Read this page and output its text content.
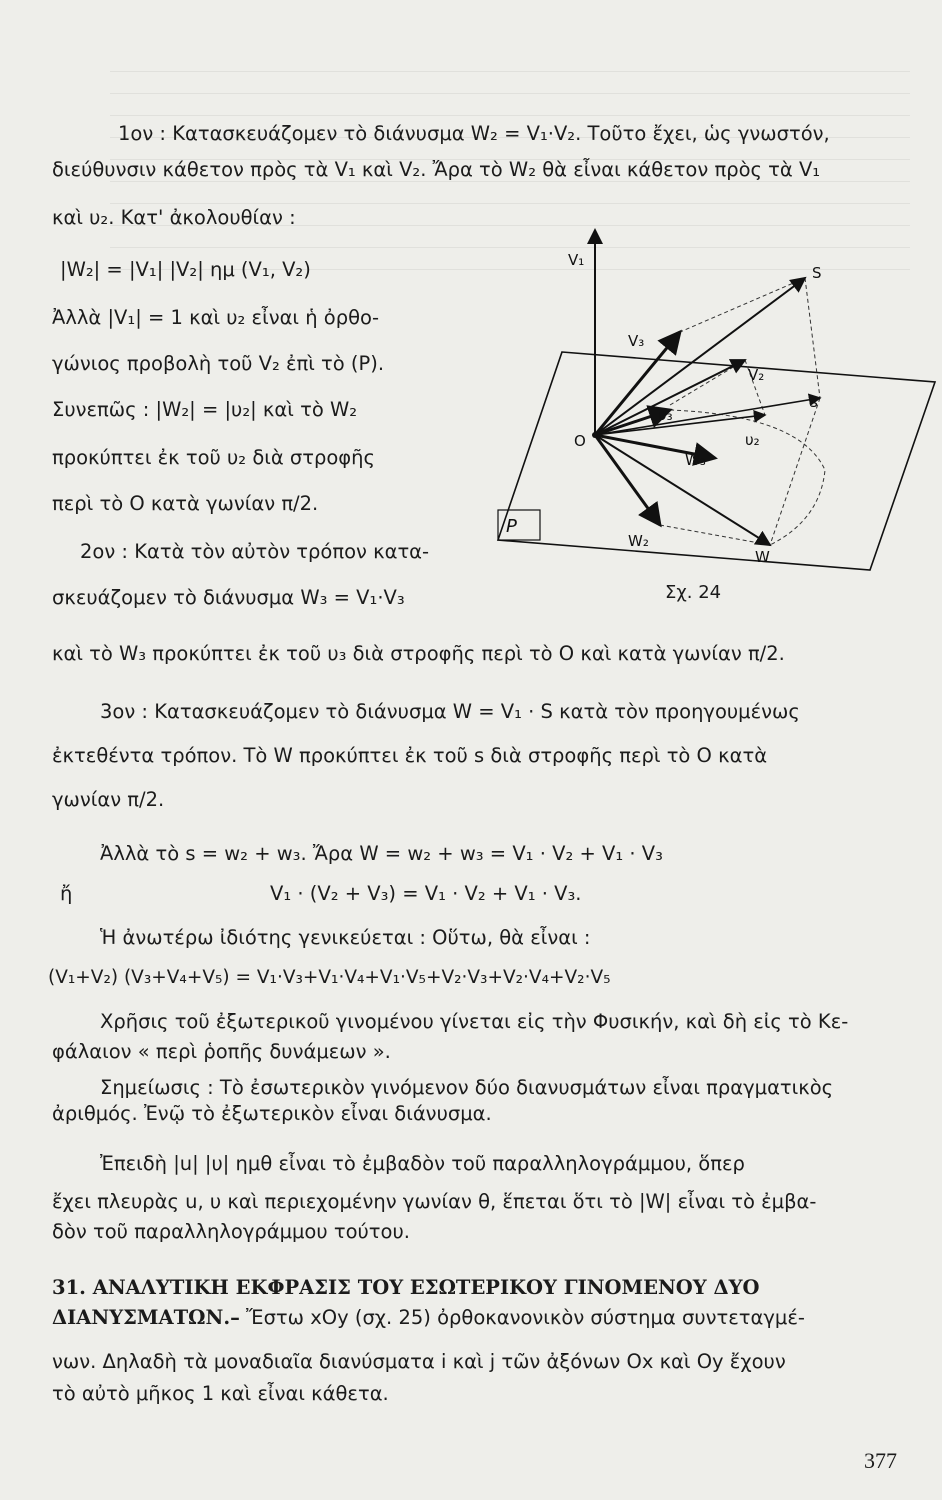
1ον : Κατασκευάζομεν τὸ διάνυσμα W₂ = V₁·V₂. Τοῦτο ἔχει, ὡς γνωστόν,
διεύθυνσιν κάθετον πρὸς τὰ V₁ καὶ V₂. Ἄρα τὸ W₂ θὰ εἶναι κάθετον πρὸς τὰ V₁
καὶ υ₂. Κατ' ἀκολουθίαν :
|W₂| = |V₁| |V₂| ημ (V₁, V₂)
Ἀλλὰ |V₁| = 1 καὶ υ₂ εἶναι ἡ ὀρθο-
γώνιος προβολὴ τοῦ V₂ ἐπὶ τὸ (P).
Συνεπῶς : |W₂| = |υ₂| καὶ τὸ W₂
προκύπτει ἐκ τοῦ υ₂ διὰ στροφῆς
περὶ τὸ O κατὰ γωνίαν π/2.
2ον : Κατὰ τὸν αὐτὸν τρόπον κατα-
σκευάζομεν τὸ διάνυσμα W₃ = V₁·V₃
καὶ τὸ W₃ προκύπτει ἐκ τοῦ υ₃ διὰ στροφῆς περὶ τὸ O καὶ κατὰ γωνίαν π/2.
3ον : Κατασκευάζομεν τὸ διάνυσμα W = V₁ · S κατὰ τὸν προηγουμένως
ἐκτεθέντα τρόπον. Τὸ W προκύπτει ἐκ τοῦ s διὰ στροφῆς περὶ τὸ O κατὰ
γωνίαν π/2.
Ἀλλὰ τὸ s = w₂ + w₃. Ἄρα W = w₂ + w₃ = V₁ · V₂ + V₁ · V₃
ἤ	V₁ · (V₂ + V₃) = V₁ · V₂ + V₁ · V₃.
Ἡ ἀνωτέρω ἰδιότης γενικεύεται : Οὕτω, θὰ εἶναι :
(V₁+V₂) (V₃+V₄+V₅) = V₁·V₃+V₁·V₄+V₁·V₅+V₂·V₃+V₂·V₄+V₂·V₅
Χρῆσις τοῦ ἐξωτερικοῦ γινομένου γίνεται εἰς τὴν Φυσικήν, καὶ δὴ εἰς τὸ Κε-
φάλαιον « περὶ ῥοπῆς δυνάμεων ».
Σημείωσις : Τὸ ἐσωτερικὸν γινόμενον δύο διανυσμάτων εἶναι πραγματικὸς
ἀριθμός. Ἐνῷ τὸ ἐξωτερικὸν εἶναι διάνυσμα.
Ἐπειδὴ |u| |υ| ημθ εἶναι τὸ ἐμβαδὸν τοῦ παραλληλογράμμου, ὅπερ
ἔχει πλευρὰς u, υ καὶ περιεχομένην γωνίαν θ, ἕπεται ὅτι τὸ |W| εἶναι τὸ ἐμβα-
δὸν τοῦ παραλληλογράμμου τούτου.
31. ΑΝΑΛΥΤΙΚΗ ΕΚΦΡΑΣΙΣ ΤΟΥ ΕΣΩΤΕΡΙΚΟΥ ΓΙΝΟΜΕΝΟΥ ΔΥΟ
ΔΙΑΝΥΣΜΑΤΩΝ.– Ἔστω xOy (σχ. 25) ὀρθοκανονικὸν σύστημα συντεταγμέ-
νων. Δηλαδὴ τὰ μοναδιαῖα διανύσματα i καὶ j τῶν ἀξόνων Ox καὶ Oy ἔχουν
τὸ αὐτὸ μῆκος 1 καὶ εἶναι κάθετα.
V₁
S
V₃
V₂
s
υ₃
υ₂
O
W₃
W₂
W
P
Σχ. 24
377
